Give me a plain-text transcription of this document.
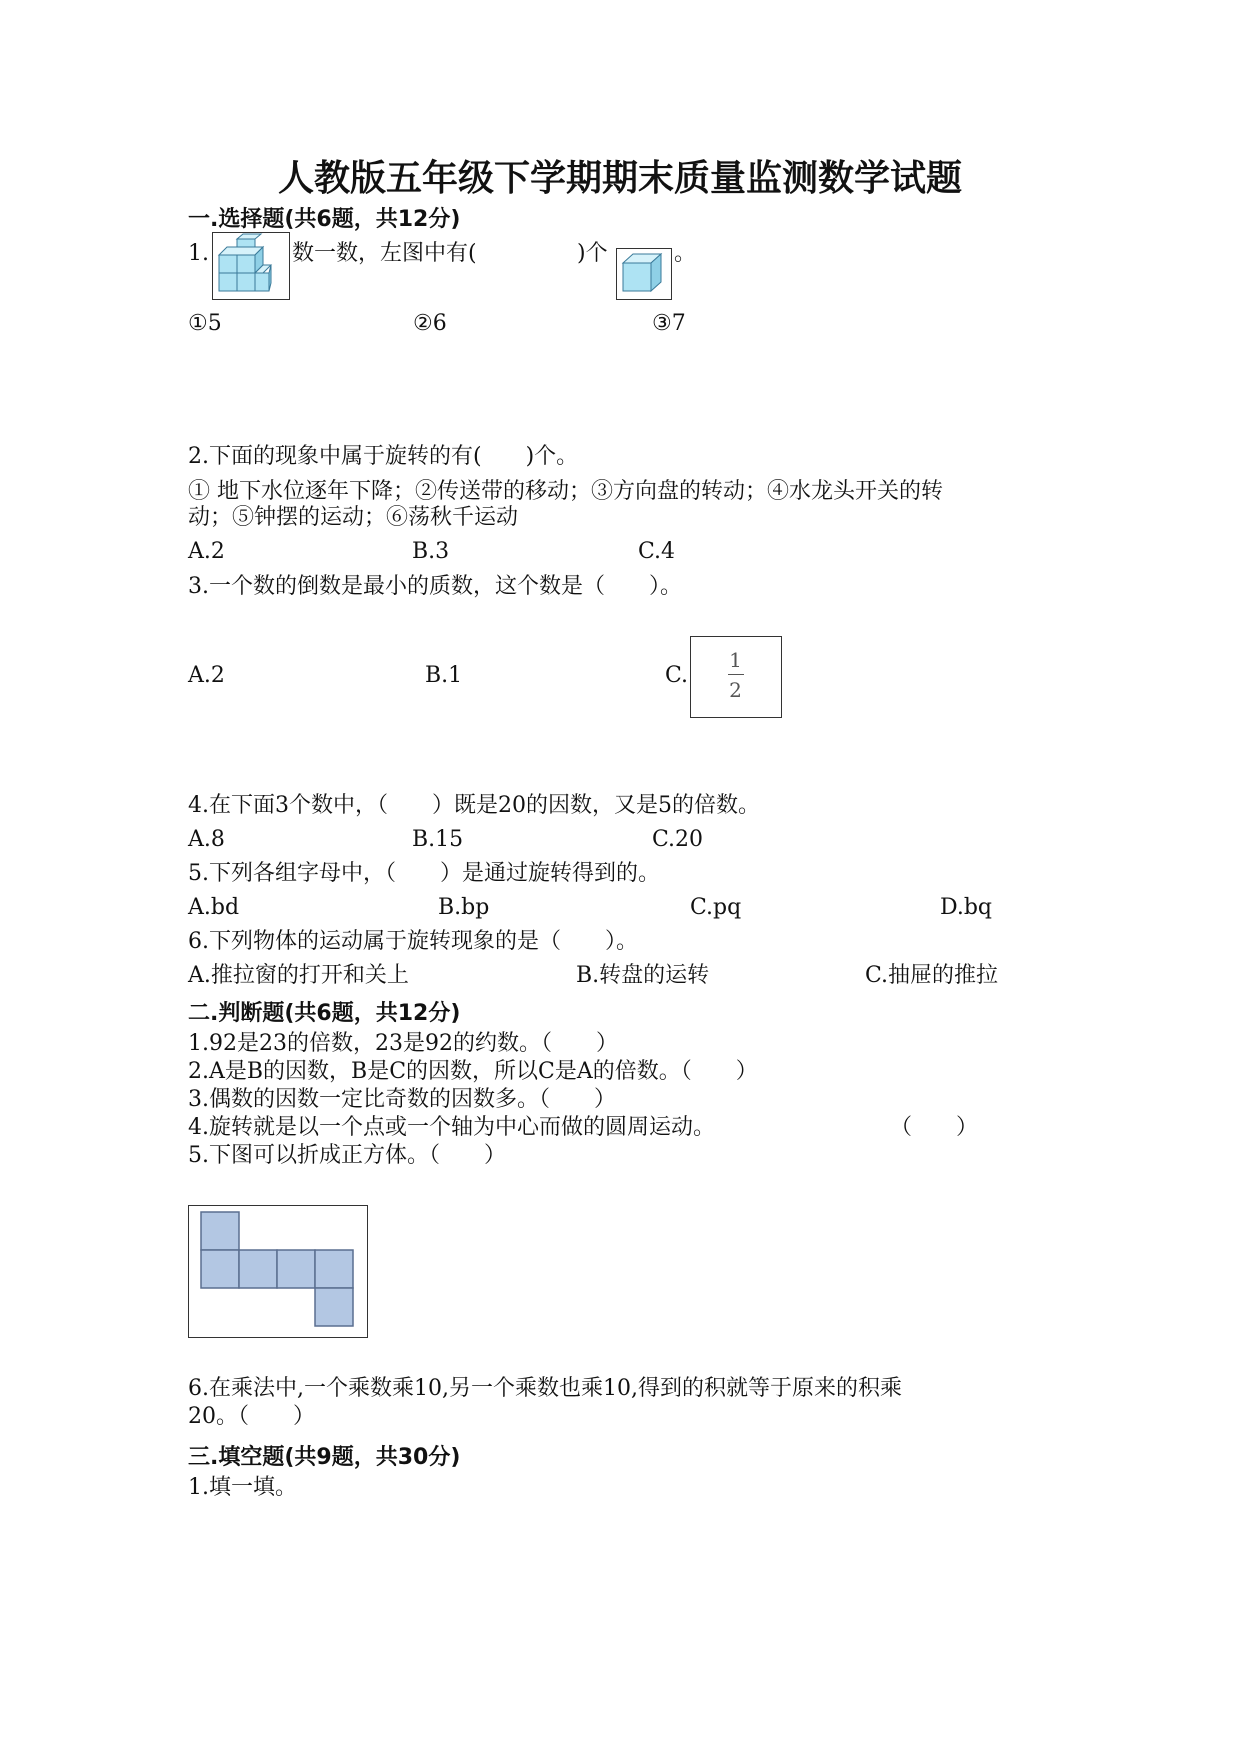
人教版五年级下学期期末质量监测数学试题
一.选择题(共6题，共12分)
1.	数一数，左图中有(	)个	。
①5	②6	③7
2.下面的现象中属于旋转的有(　　)个。
① 地下水位逐年下降；②传送带的移动；③方向盘的转动；④水龙头开关的转
动；⑤钟摆的运动；⑥荡秋千运动
A.2	B.3	C.4
3.一个数的倒数是最小的质数，这个数是（　　）。
A.2	B.1	C.
1
2
4.在下面3个数中，（　　）既是20的因数，又是5的倍数。
A.8	B.15	C.20
5.下列各组字母中，（　　）是通过旋转得到的。
A.bd	B.bp	C.pq	D.bq
6.下列物体的运动属于旋转现象的是（　　）。
A.推拉窗的打开和关上	B.转盘的运转	C.抽屉的推拉
二.判断题(共6题，共12分)
1.92是23的倍数，23是92的约数。（　　）
2.A是B的因数，B是C的因数，所以C是A的倍数。（　　）
3.偶数的因数一定比奇数的因数多。（　　）
4.旋转就是以一个点或一个轴为中心而做的圆周运动。	（　　）
5.下图可以折成正方体。（　　）
6.在乘法中,一个乘数乘10,另一个乘数也乘10,得到的积就等于原来的积乘
20。（　　）
三.填空题(共9题，共30分)
1.填一填。
